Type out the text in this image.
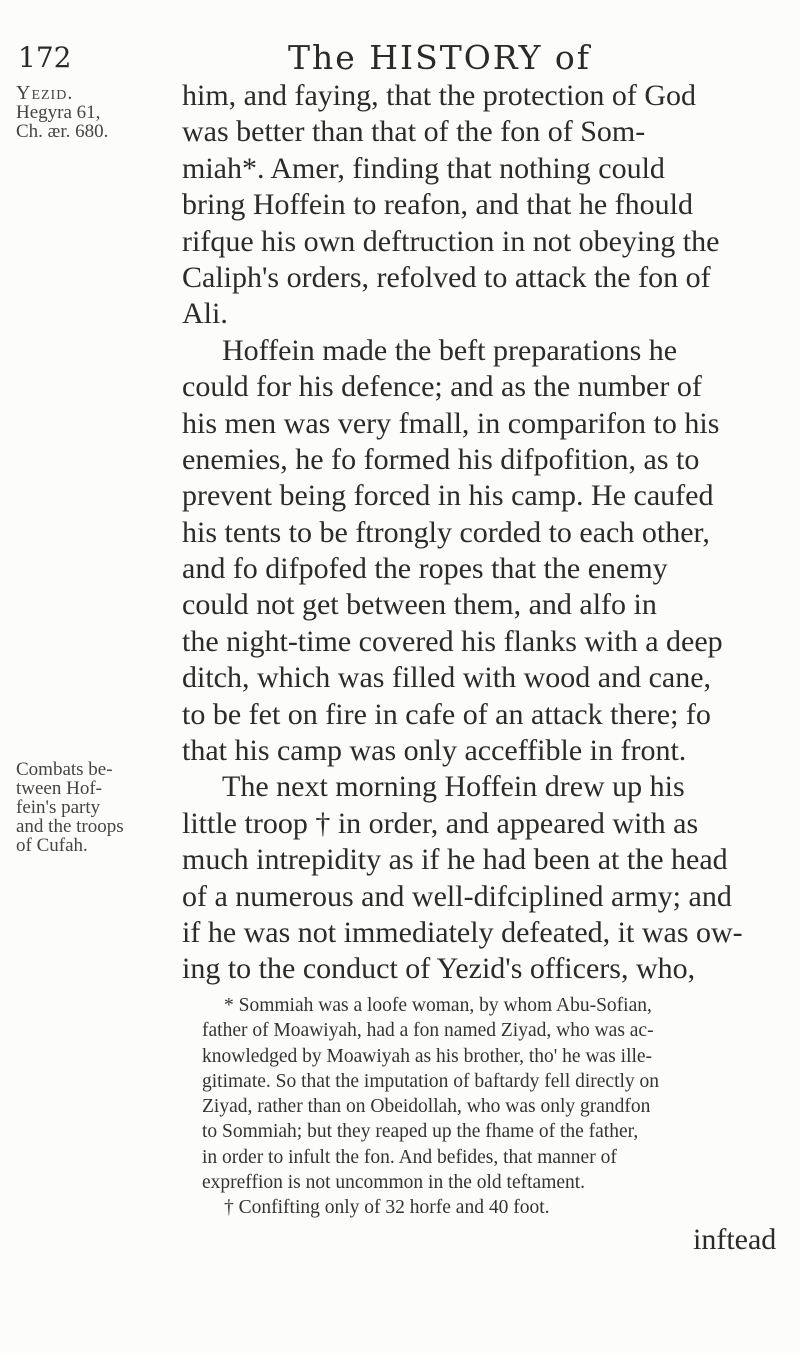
172	The HISTORY of
Yezid.
Hegyra 61,
Ch. ær. 680.
Combats be-
tween Hof-
fein's party
and the troops
of Cufah.
him, and faying, that the protection of God
was better than that of the fon of Som-
miah*. Amer, finding that nothing could
bring Hoffein to reafon, and that he fhould
rifque his own deftruction in not obeying the
Caliph's orders, refolved to attack the fon of
Ali.
Hoffein made the beft preparations he
could for his defence; and as the number of
his men was very fmall, in comparifon to his
enemies, he fo formed his difpofition, as to
prevent being forced in his camp. He caufed
his tents to be ftrongly corded to each other,
and fo difpofed the ropes that the enemy
could not get between them, and alfo in
the night-time covered his flanks with a deep
ditch, which was filled with wood and cane,
to be fet on fire in cafe of an attack there; fo
that his camp was only acceffible in front.
The next morning Hoffein drew up his
little troop † in order, and appeared with as
much intrepidity as if he had been at the head
of a numerous and well-difciplined army; and
if he was not immediately defeated, it was ow-
ing to the conduct of Yezid's officers, who,
* Sommiah was a loofe woman, by whom Abu-Sofian,
father of Moawiyah, had a fon named Ziyad, who was ac-
knowledged by Moawiyah as his brother, tho' he was ille-
gitimate. So that the imputation of baftardy fell directly on
Ziyad, rather than on Obeidollah, who was only grandfon
to Sommiah; but they reaped up the fhame of the father,
in order to infult the fon. And befides, that manner of
expreffion is not uncommon in the old teftament.
† Confifting only of 32 horfe and 40 foot.
inftead
